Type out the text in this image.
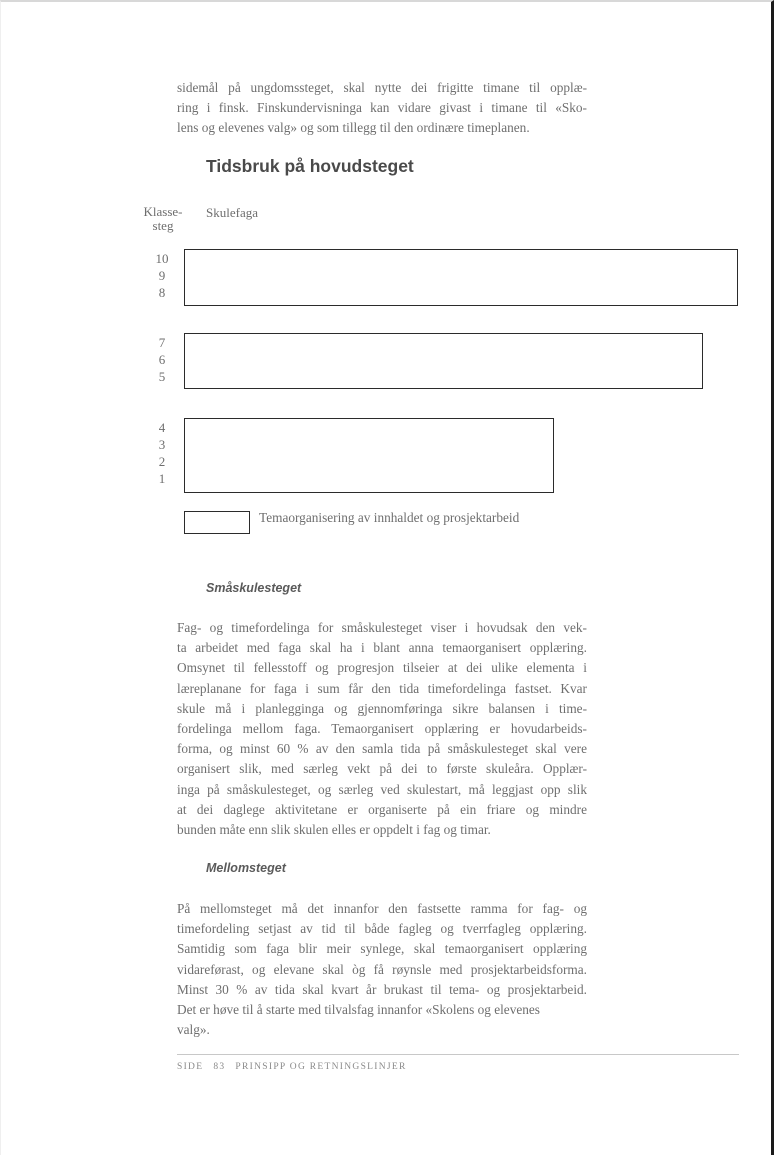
sidemål på ungdomssteget, skal nytte dei frigitte timane til opplæ-
ring i finsk. Finskundervisninga kan vidare givast i timane til «Sko-
lens og elevenes valg» og som tillegg til den ordinære timeplanen.

Tidsbruk på hovudsteget
Klasse-
steg
Skulefaga
10
9
8
7
6
5
4
3
2
1
Temaorganisering av innhaldet og prosjektarbeid
Småskulesteget

Fag- og timefordelinga for småskulesteget viser i hovudsak den vek-
ta arbeidet med faga skal ha i blant anna temaorganisert opplæring.
Omsynet til fellesstoff og progresjon tilseier at dei ulike elementa i
læreplanane for faga i sum får den tida timefordelinga fastset. Kvar
skule må i planlegginga og gjennomføringa sikre balansen i time-
fordelinga mellom faga. Temaorganisert opplæring er hovudarbeids-
forma, og minst 60 % av den samla tida på småskulesteget skal vere
organisert slik, med særleg vekt på dei to første skuleåra. Opplær-
inga på småskulesteget, og særleg ved skulestart, må leggjast opp slik
at dei daglege aktivitetane er organiserte på ein friare og mindre
bunden måte enn slik skulen elles er oppdelt i fag og timar.

Mellomsteget

På mellomsteget må det innanfor den fastsette ramma for fag- og
timefordeling setjast av tid til både fagleg og tverrfagleg opplæring.
Samtidig som faga blir meir synlege, skal temaorganisert opplæring
vidareførast, og elevane skal òg få røynsle med prosjektarbeidsforma.
Minst 30 % av tida skal kvart år brukast til tema- og prosjektarbeid.
Det er høve til å starte med tilvalsfag innanfor «Skolens og elevenes
valg».

SIDE 83 PRINSIPP OG RETNINGSLINJER
